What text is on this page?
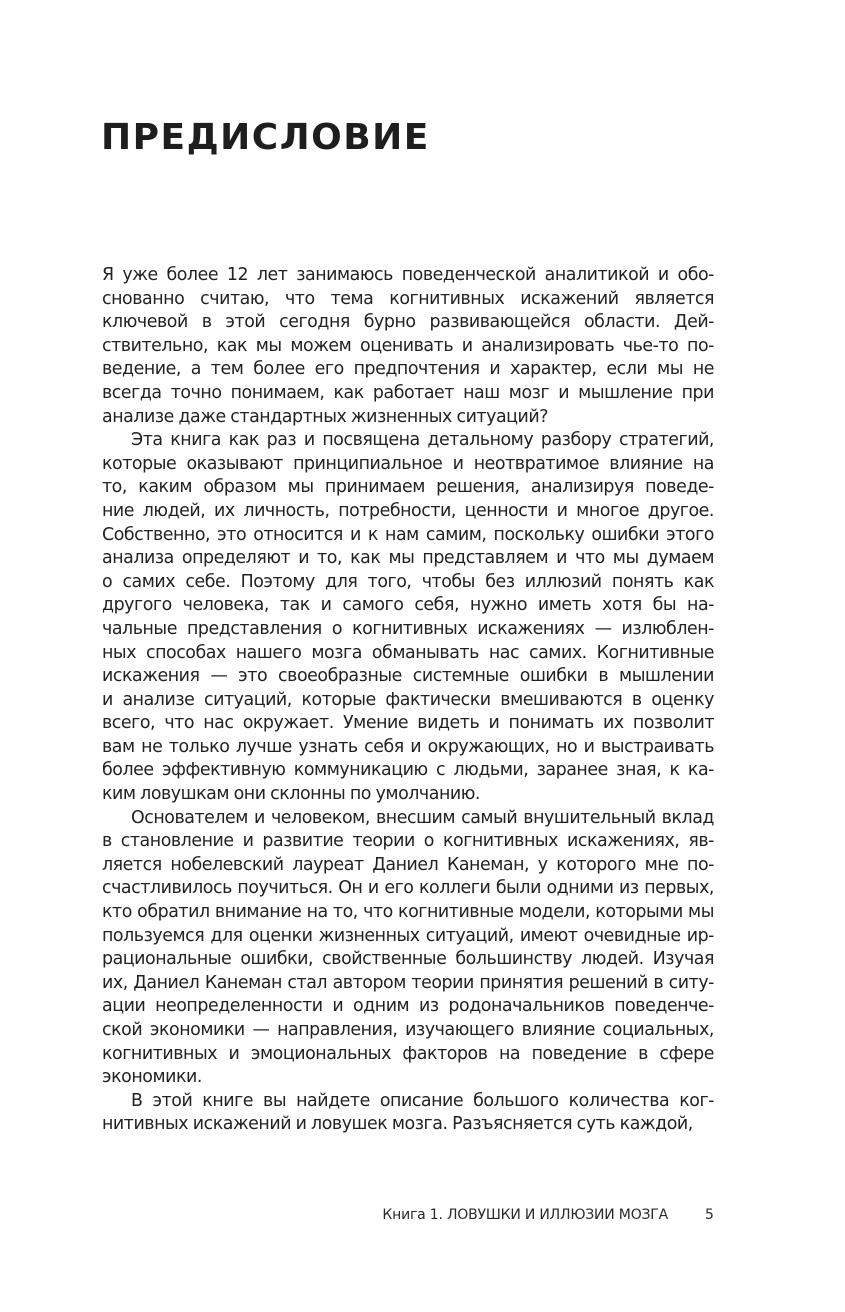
ПРЕДИСЛОВИЕ
Я уже более 12 лет занимаюсь поведенческой аналитикой и обо-
снованно считаю, что тема когнитивных искажений является
ключевой в этой сегодня бурно развивающейся области. Дей-
ствительно, как мы можем оценивать и анализировать чье-то по-
ведение, а тем более его предпочтения и характер, если мы не
всегда точно понимаем, как работает наш мозг и мышление при
анализе даже стандартных жизненных ситуаций?
Эта книга как раз и посвящена детальному разбору стратегий,
которые оказывают принципиальное и неотвратимое влияние на
то, каким образом мы принимаем решения, анализируя поведе-
ние людей, их личность, потребности, ценности и многое другое.
Собственно, это относится и к нам самим, поскольку ошибки этого
анализа определяют и то, как мы представляем и что мы думаем
о самих себе. Поэтому для того, чтобы без иллюзий понять как
другого человека, так и самого себя, нужно иметь хотя бы на-
чальные представления о когнитивных искажениях — излюблен-
ных способах нашего мозга обманывать нас самих. Когнитивные
искажения — это своеобразные системные ошибки в мышлении
и анализе ситуаций, которые фактически вмешиваются в оценку
всего, что нас окружает. Умение видеть и понимать их позволит
вам не только лучше узнать себя и окружающих, но и выстраивать
более эффективную коммуникацию с людьми, заранее зная, к ка-
ким ловушкам они склонны по умолчанию.
Основателем и человеком, внесшим самый внушительный вклад
в становление и развитие теории о когнитивных искажениях, яв-
ляется нобелевский лауреат Даниел Канеман, у которого мне по-
счастливилось поучиться. Он и его коллеги были одними из первых,
кто обратил внимание на то, что когнитивные модели, которыми мы
пользуемся для оценки жизненных ситуаций, имеют очевидные ир-
рациональные ошибки, свойственные большинству людей. Изучая
их, Даниел Канеман стал автором теории принятия решений в ситу-
ации неопределенности и одним из родоначальников поведенче-
ской экономики — направления, изучающего влияние социальных,
когнитивных и эмоциональных факторов на поведение в сфере
экономики.
В этой книге вы найдете описание большого количества ког-
нитивных искажений и ловушек мозга. Разъясняется суть каждой,
Книга 1. ЛОВУШКИ И ИЛЛЮЗИИ МОЗГА	5
